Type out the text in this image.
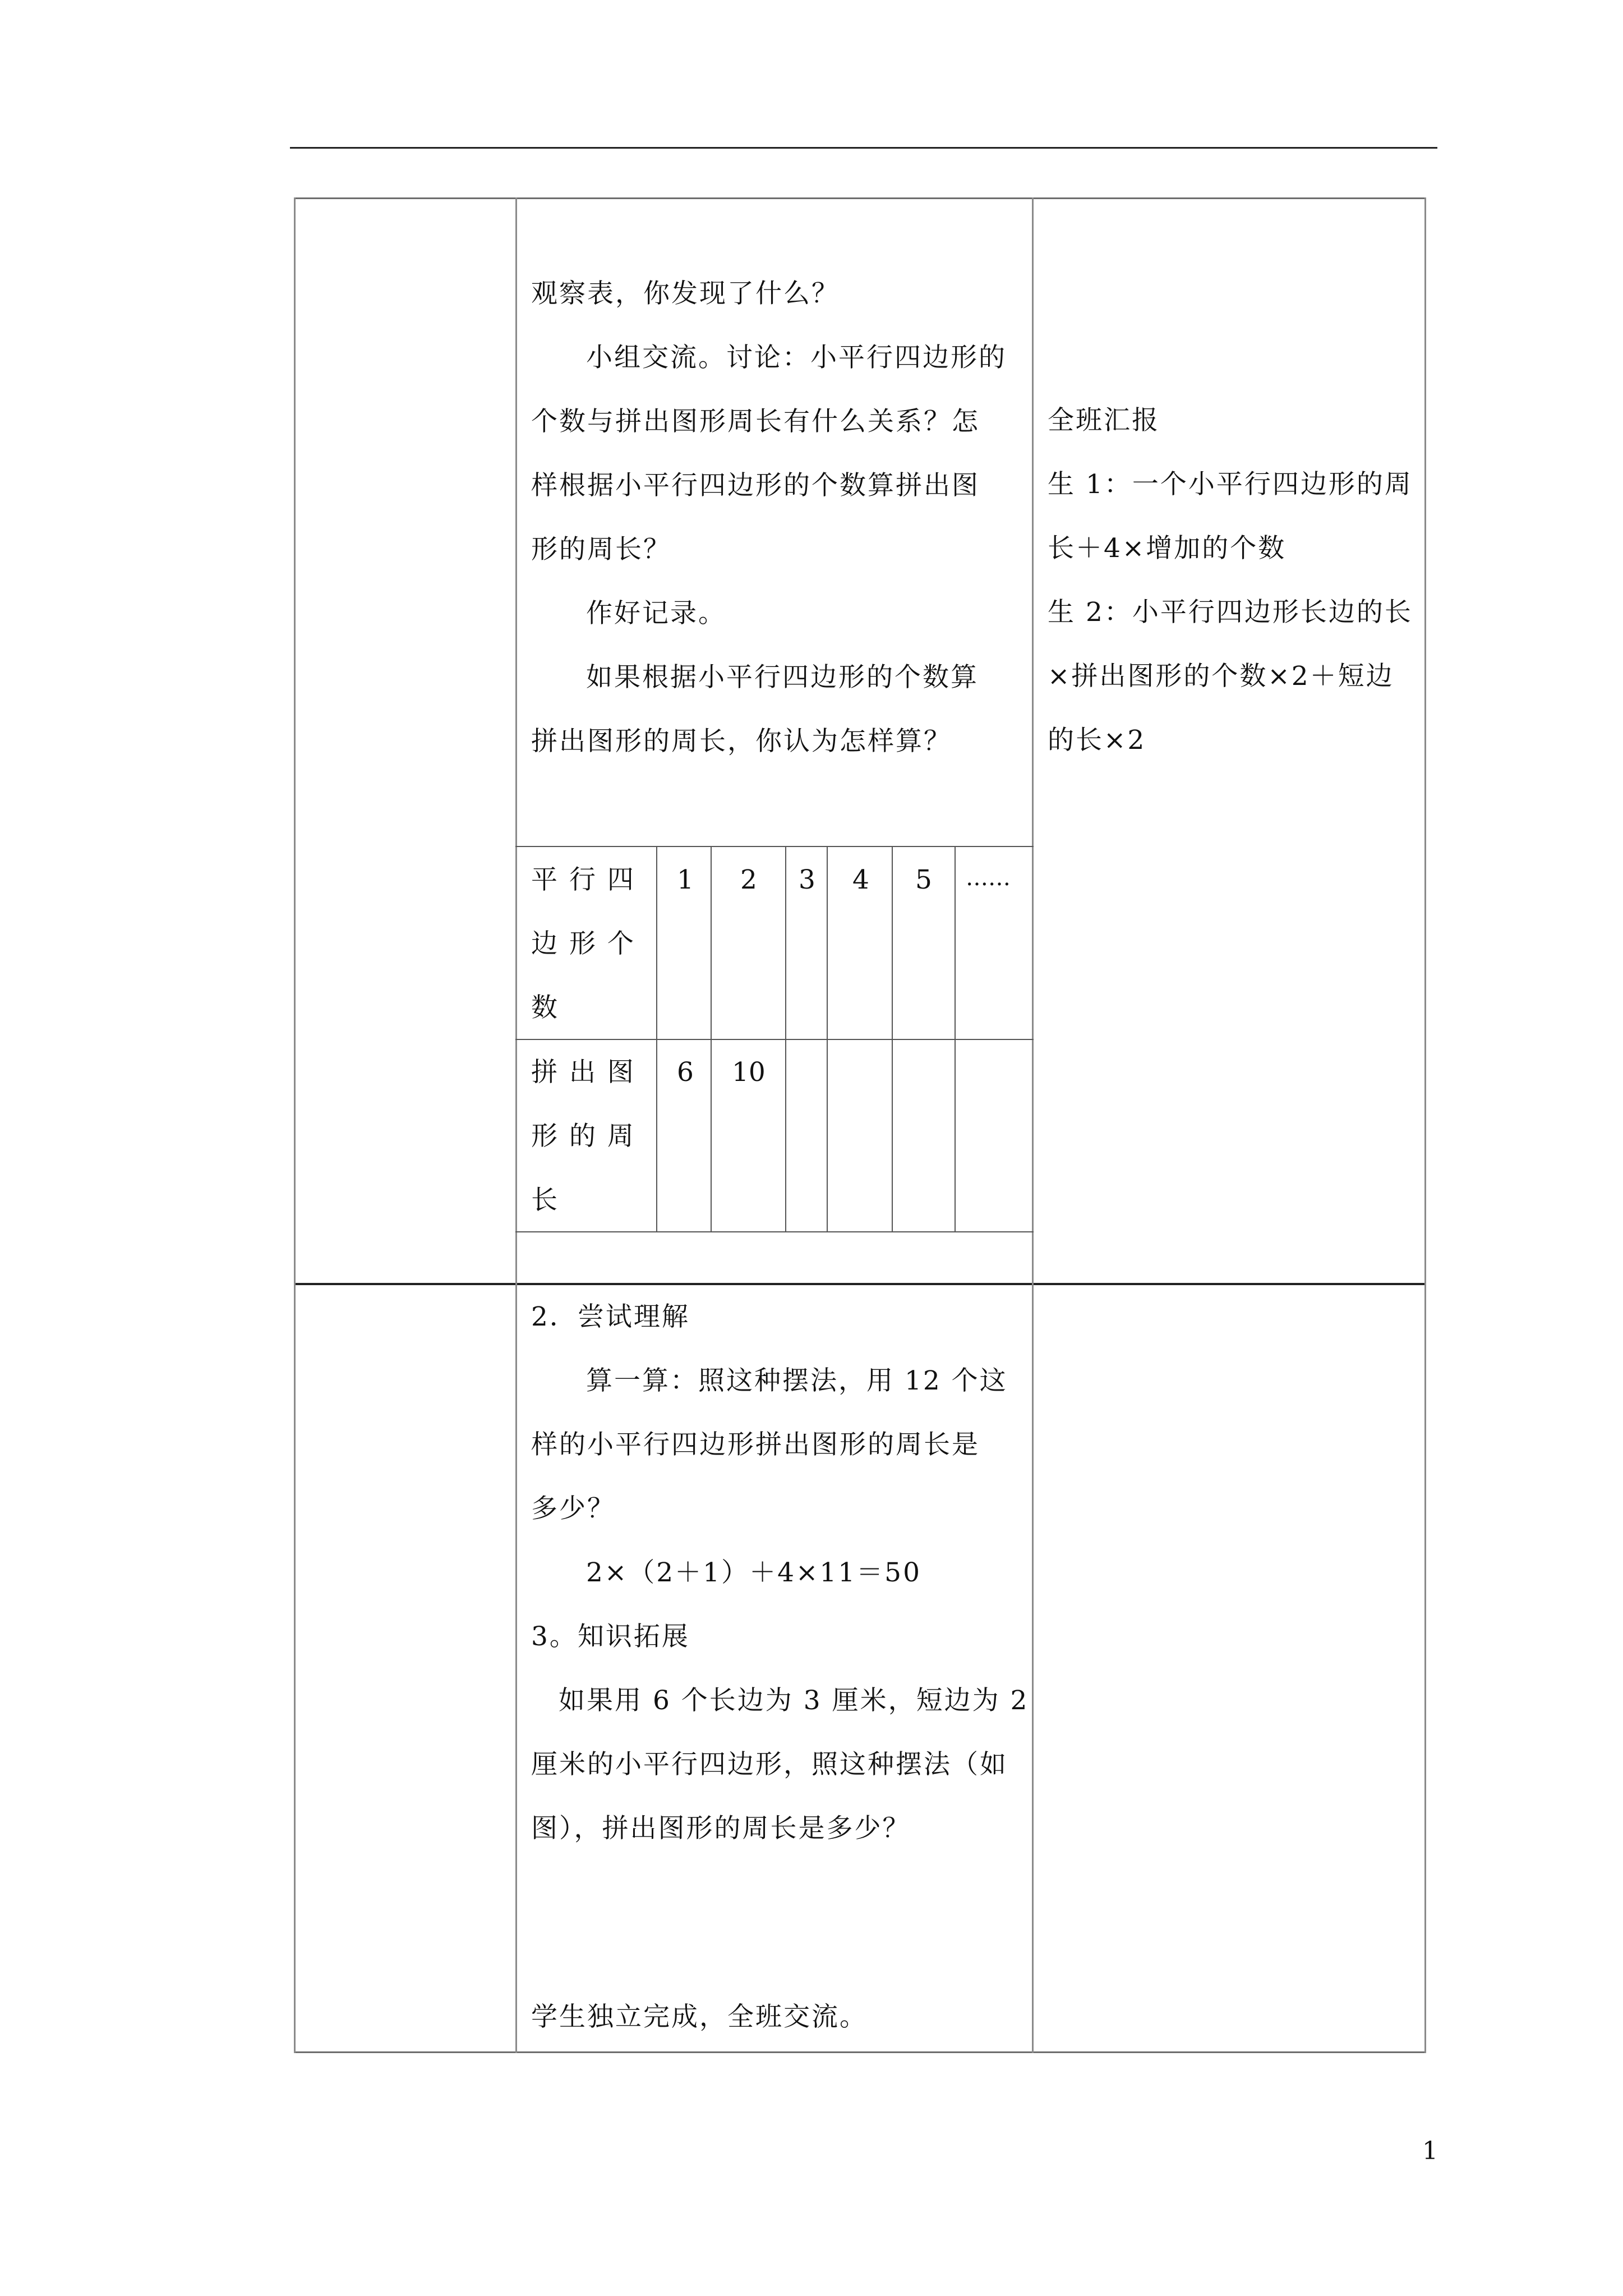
观察表，你发现了什么？
小组交流。讨论：小平行四边形的
个数与拼出图形周长有什么关系？怎
样根据小平行四边形的个数算拼出图
形的周长？
作好记录。
如果根据小平行四边形的个数算
拼出图形的周长，你认为怎样算？
平 行 四
边 形 个
数
1 2 3 4 5 ……
拼 出 图
形 的 周
长
6 10
全班汇报
生 1：一个小平行四边形的周
长＋4×增加的个数
生 2：小平行四边形长边的长
×拼出图形的个数×2＋短边
的长×2
2．尝试理解
算一算：照这种摆法，用 12 个这
样的小平行四边形拼出图形的周长是
多少？
2×（2＋1）＋4×11＝50
3。知识拓展
如果用 6 个长边为 3 厘米，短边为 2
厘米的小平行四边形，照这种摆法（如
图），拼出图形的周长是多少？
学生独立完成，全班交流。
1
